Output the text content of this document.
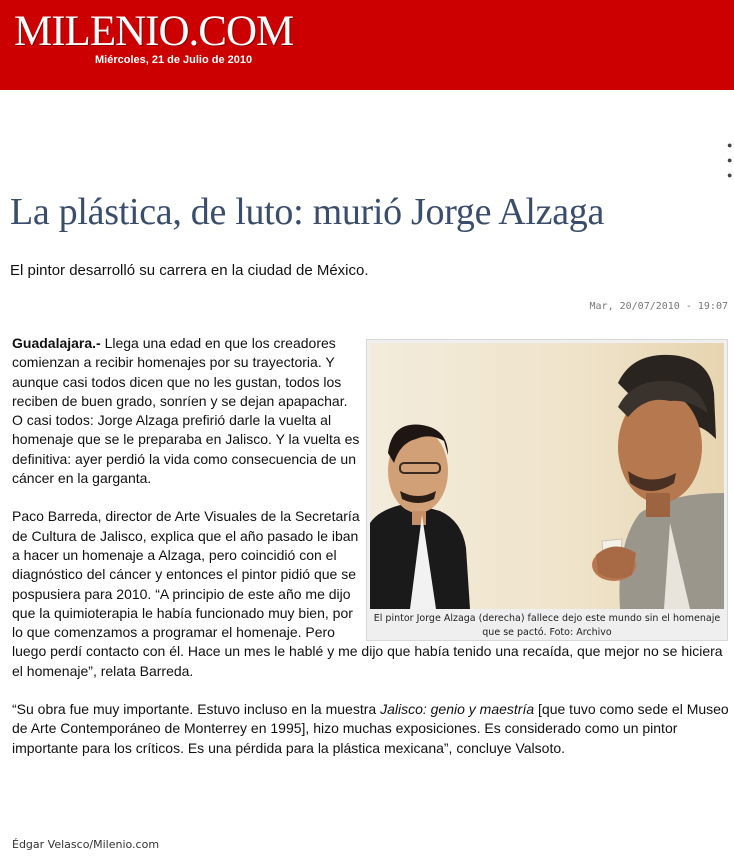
MILENIO.COM
Miércoles, 21 de Julio de 2010
●
●
●
La plástica, de luto: murió Jorge Alzaga

El pintor desarrolló su carrera en la ciudad de México.

Mar, 20/07/2010 - 19:07
El pintor Jorge Alzaga (derecha) fallece dejo este mundo sin el homenaje que se pactó. Foto: Archivo

Guadalajara.- Llega una edad en que los creadores comienzan a recibir homenajes por su trayectoria. Y aunque casi todos dicen que no les gustan, todos los reciben de buen grado, sonríen y se dejan apapachar. O casi todos: Jorge Alzaga prefirió darle la vuelta al homenaje que se le preparaba en Jalisco. Y la vuelta es definitiva: ayer perdió la vida como consecuencia de un cáncer en la garganta.

Paco Barreda, director de Arte Visuales de la Secretaría de Cultura de Jalisco, explica que el año pasado le iban a hacer un homenaje a Alzaga, pero coincidió con el diagnóstico del cáncer y entonces el pintor pidió que se pospusiera para 2010. “A principio de este año me dijo que la quimioterapia le había funcionado muy bien, por lo que comenzamos a programar el homenaje. Pero luego perdí contacto con él. Hace un mes le hablé y me dijo que había tenido una recaída, que mejor no se hiciera el homenaje”, relata Barreda.

“Su obra fue muy importante. Estuvo incluso en la muestra Jalisco: genio y maestría [que tuvo como sede el Museo de Arte Contemporáneo de Monterrey en 1995], hizo muchas exposiciones. Es considerado como un pintor importante para los críticos. Es una pérdida para la plástica mexicana”, concluye Valsoto.

Édgar Velasco/Milenio.com
